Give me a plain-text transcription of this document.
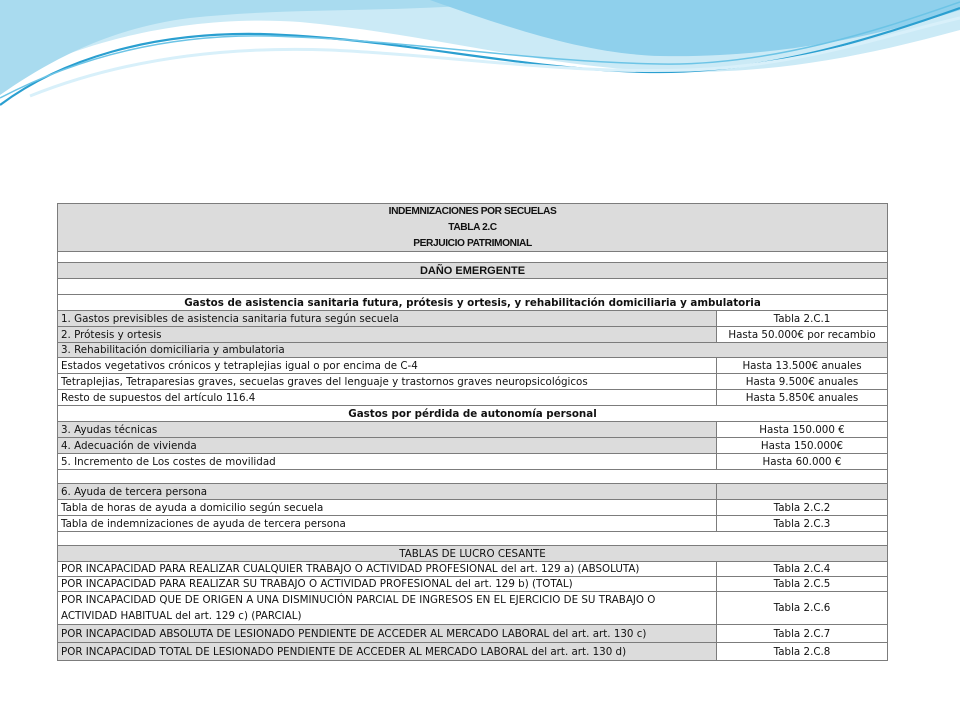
INDEMNIZACIONES POR SECUELAS	
TABLA 2.C	
PERJUICIO PATRIMONIAL	

DAÑO EMERGENTE	

Gastos de asistencia sanitaria futura, prótesis y ortesis, y rehabilitación domiciliaria y ambulatoria	
1. Gastos previsibles de asistencia sanitaria futura según secuela	Tabla 2.C.1
2. Prótesis y ortesis	Hasta 50.000€ por recambio
3. Rehabilitación domiciliaria y ambulatoria	
Estados vegetativos crónicos y tetraplejias igual o por encima de C-4	Hasta 13.500€ anuales
Tetraplejias, Tetraparesias graves, secuelas graves del lenguaje y trastornos graves neuropsicológicos	Hasta 9.500€ anuales
Resto de supuestos del artículo 116.4	Hasta 5.850€ anuales
Gastos por pérdida de autonomía personal	
3. Ayudas técnicas	Hasta 150.000 €
4. Adecuación de vivienda	Hasta 150.000€
5. Incremento de Los costes de movilidad	Hasta 60.000 €

6. Ayuda de tercera persona	
Tabla de horas de ayuda a domicilio según secuela	Tabla 2.C.2
Tabla de indemnizaciones de ayuda de tercera persona	Tabla 2.C.3

TABLAS DE LUCRO CESANTE	
POR INCAPACIDAD PARA REALIZAR CUALQUIER TRABAJO O ACTIVIDAD PROFESIONAL del art. 129 a) (ABSOLUTA)	Tabla 2.C.4
POR INCAPACIDAD PARA REALIZAR SU TRABAJO O ACTIVIDAD PROFESIONAL del art. 129 b) (TOTAL)	Tabla 2.C.5
POR INCAPACIDAD QUE DE ORIGEN A UNA DISMINUCIÓN PARCIAL DE INGRESOS EN EL EJERCICIO DE SU TRABAJO O ACTIVIDAD HABITUAL del art. 129 c) (PARCIAL)	Tabla 2.C.6
POR INCAPACIDAD ABSOLUTA DE LESIONADO PENDIENTE DE ACCEDER AL MERCADO LABORAL del art. art. 130 c)	Tabla 2.C.7
POR INCAPACIDAD TOTAL DE LESIONADO PENDIENTE DE ACCEDER AL MERCADO LABORAL del art. art. 130 d)	Tabla 2.C.8
